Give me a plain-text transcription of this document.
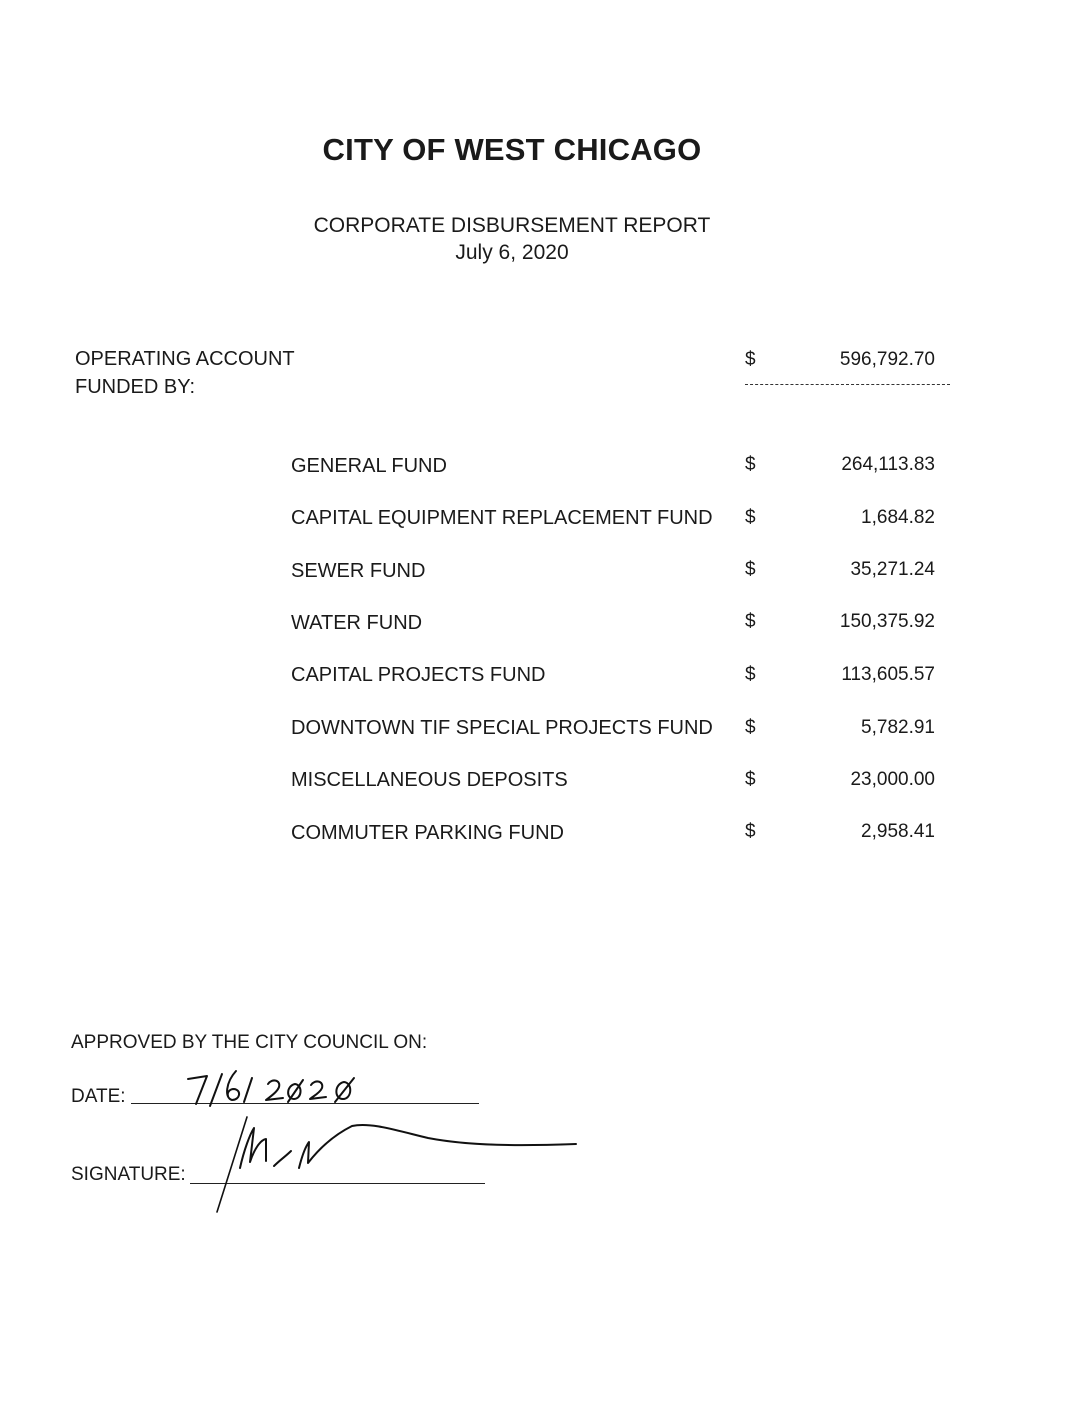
CITY OF WEST CHICAGO
CORPORATE DISBURSEMENT REPORT
July 6, 2020
OPERATING ACCOUNT
FUNDED BY:
$	596,792.70
GENERAL FUND	$	264,113.83
CAPITAL EQUIPMENT REPLACEMENT FUND $	1,684.82
SEWER FUND	$	35,271.24
WATER FUND	$	150,375.92
CAPITAL PROJECTS FUND	$	113,605.57
DOWNTOWN TIF SPECIAL PROJECTS FUND $	5,782.91
MISCELLANEOUS DEPOSITS	$	23,000.00
COMMUTER PARKING FUND	$	2,958.41
APPROVED BY THE CITY COUNCIL ON:
DATE:
SIGNATURE:
